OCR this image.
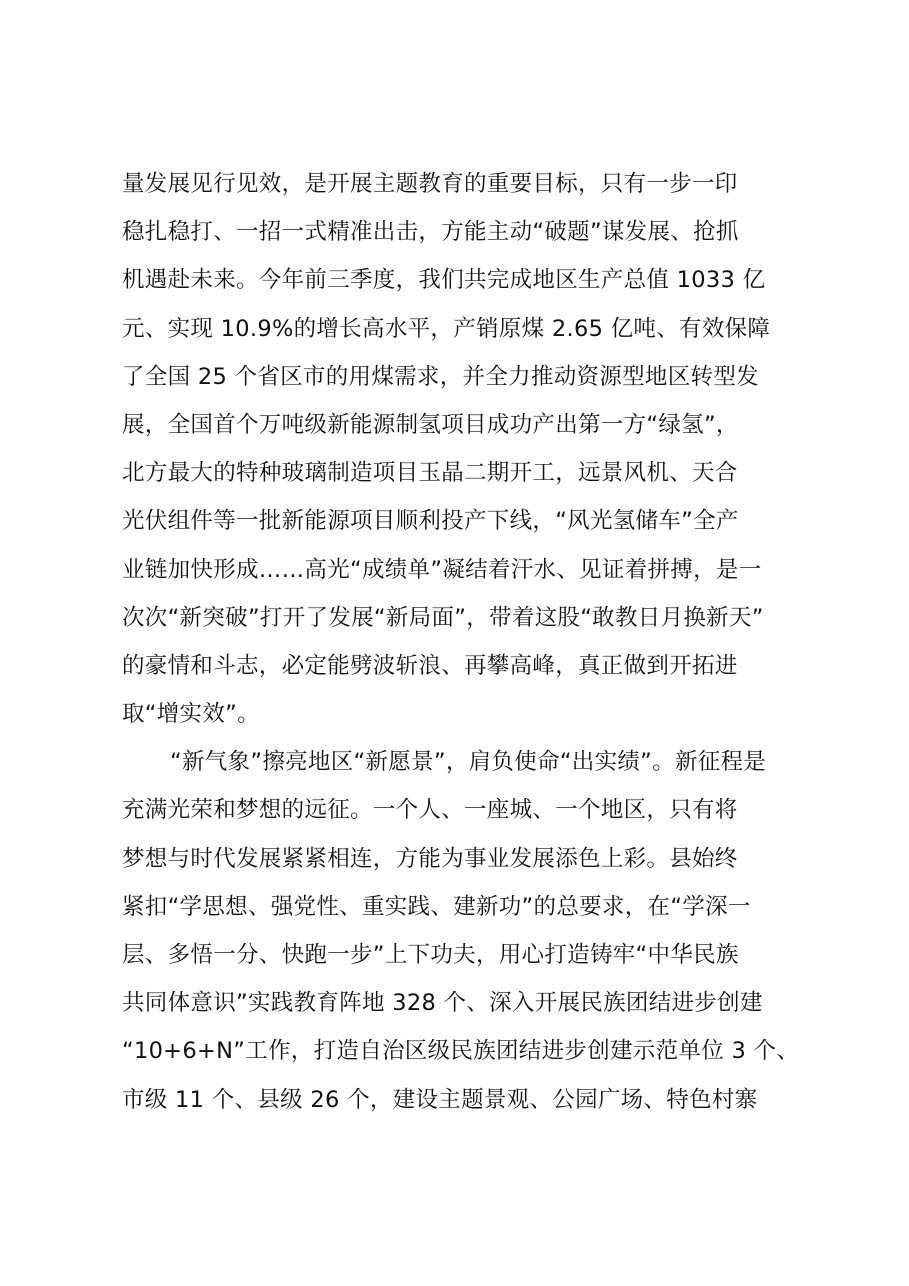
量发展见行见效，是开展主题教育的重要目标，只有一步一印
稳扎稳打、一招一式精准出击，方能主动“破题”谋发展、抢抓
机遇赴未来。今年前三季度，我们共完成地区生产总值 1033 亿
元、实现 10.9%的增长高水平，产销原煤 2.65 亿吨、有效保障
了全国 25 个省区市的用煤需求，并全力推动资源型地区转型发
展，全国首个万吨级新能源制氢项目成功产出第一方“绿氢”，
北方最大的特种玻璃制造项目玉晶二期开工，远景风机、天合
光伏组件等一批新能源项目顺利投产下线，“风光氢储车”全产
业链加快形成……高光“成绩单”凝结着汗水、见证着拼搏，是一
次次“新突破”打开了发展“新局面”，带着这股“敢教日月换新天”
的豪情和斗志，必定能劈波斩浪、再攀高峰，真正做到开拓进
取“增实效”。
“新气象”擦亮地区“新愿景”，肩负使命“出实绩”。新征程是
充满光荣和梦想的远征。一个人、一座城、一个地区，只有将
梦想与时代发展紧紧相连，方能为事业发展添色上彩。县始终
紧扣“学思想、强党性、重实践、建新功”的总要求，在“学深一
层、多悟一分、快跑一步”上下功夫，用心打造铸牢“中华民族
共同体意识”实践教育阵地 328 个、深入开展民族团结进步创建
“10+6+N”工作，打造自治区级民族团结进步创建示范单位 3 个、
市级 11 个、县级 26 个，建设主题景观、公园广场、特色村寨
